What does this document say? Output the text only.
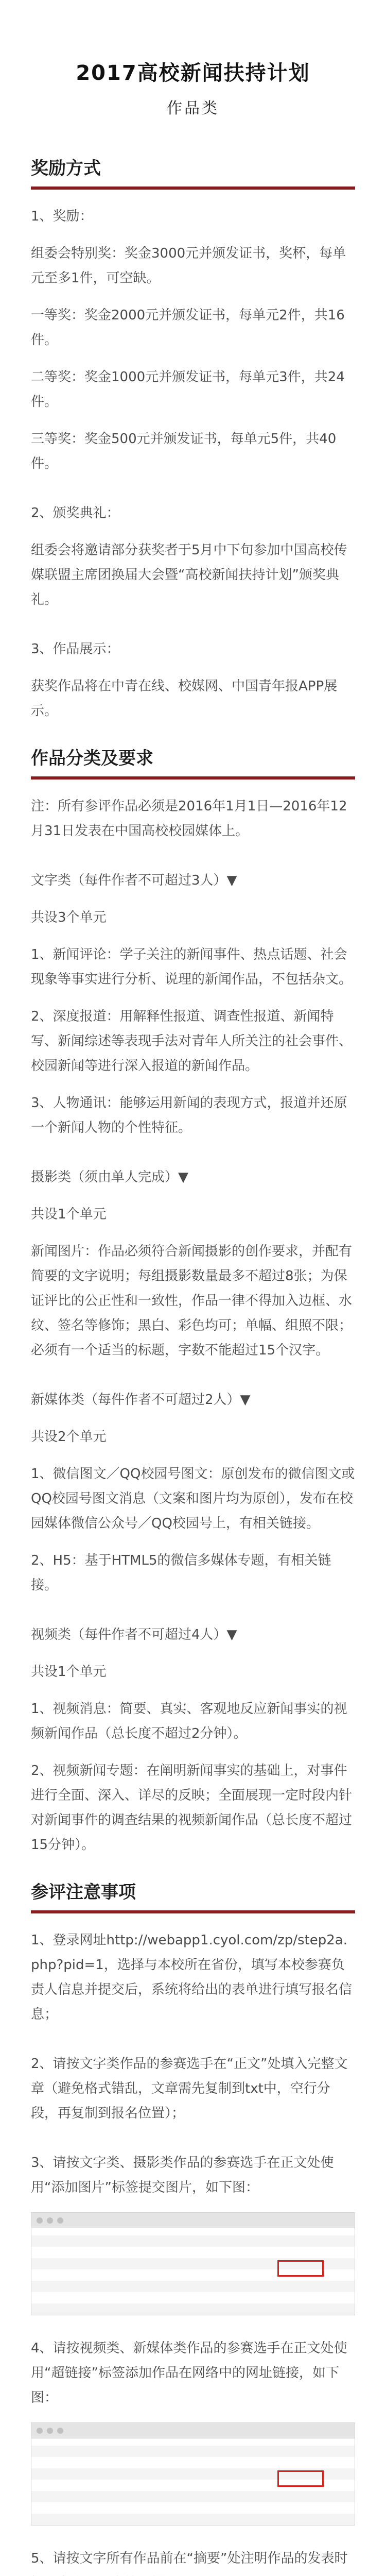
2017高校新闻扶持计划
作品类
奖励方式

1、奖励：

组委会特别奖：奖金3000元并颁发证书，奖杯，每单元至多1件，可空缺。

一等奖：奖金2000元并颁发证书，每单元2件，共16件。

二等奖：奖金1000元并颁发证书，每单元3件，共24件。

三等奖：奖金500元并颁发证书，每单元5件，共40件。

2、颁奖典礼：

组委会将邀请部分获奖者于5月中下旬参加中国高校传媒联盟主席团换届大会暨“高校新闻扶持计划”颁奖典礼。

3、作品展示：

获奖作品将在中青在线、校媒网、中国青年报APP展示。

作品分类及要求

注：所有参评作品必须是2016年1月1日—2016年12月31日发表在中国高校校园媒体上。

文字类（每件作者不可超过3人）▼

共设3个单元

1、新闻评论：学子关注的新闻事件、热点话题、社会现象等事实进行分析、说理的新闻作品，不包括杂文。

2、深度报道：用解释性报道、调查性报道、新闻特写、新闻综述等表现手法对青年人所关注的社会事件、校园新闻等进行深入报道的新闻作品。

3、人物通讯：能够运用新闻的表现方式，报道并还原一个新闻人物的个性特征。

摄影类（须由单人完成）▼

共设1个单元

新闻图片：作品必须符合新闻摄影的创作要求，并配有简要的文字说明；每组摄影数量最多不超过8张；为保证评比的公正性和一致性，作品一律不得加入边框、水纹、签名等修饰；黑白、彩色均可；单幅、组照不限；必须有一个适当的标题，字数不能超过15个汉字。

新媒体类（每件作者不可超过2人）▼

共设2个单元

1、微信图文／QQ校园号图文：原创发布的微信图文或QQ校园号图文消息（文案和图片均为原创），发布在校园媒体微信公众号／QQ校园号上，有相关链接。

2、H5：基于HTML5的微信多媒体专题，有相关链接。

视频类（每件作者不可超过4人）▼

共设1个单元

1、视频消息：简要、真实、客观地反应新闻事实的视频新闻作品（总长度不超过2分钟）。

2、视频新闻专题：在阐明新闻事实的基础上，对事件进行全面、深入、详尽的反映；全面展现一定时段内针对新闻事件的调查结果的视频新闻作品（总长度不超过15分钟）。

参评注意事项

1、登录网址http://webapp1.cyol.com/zp/step2a.php?pid=1，选择与本校所在省份，填写本校参赛负责人信息并提交后，系统将给出的表单进行填写报名信息；

2、请按文字类作品的参赛选手在“正文”处填入完整文章（避免格式错乱，文章需先复制到txt中，空行分段，再复制到报名位置）；

3、请按文字类、摄影类作品的参赛选手在正文处使用“添加图片”标签提交图片，如下图：

4、请按视频类、新媒体类作品的参赛选手在正文处使用“超链接”标签添加作品在网络中的网址链接，如下图：

5、请按文字所有作品前在“摘要”处注明作品的发表时
